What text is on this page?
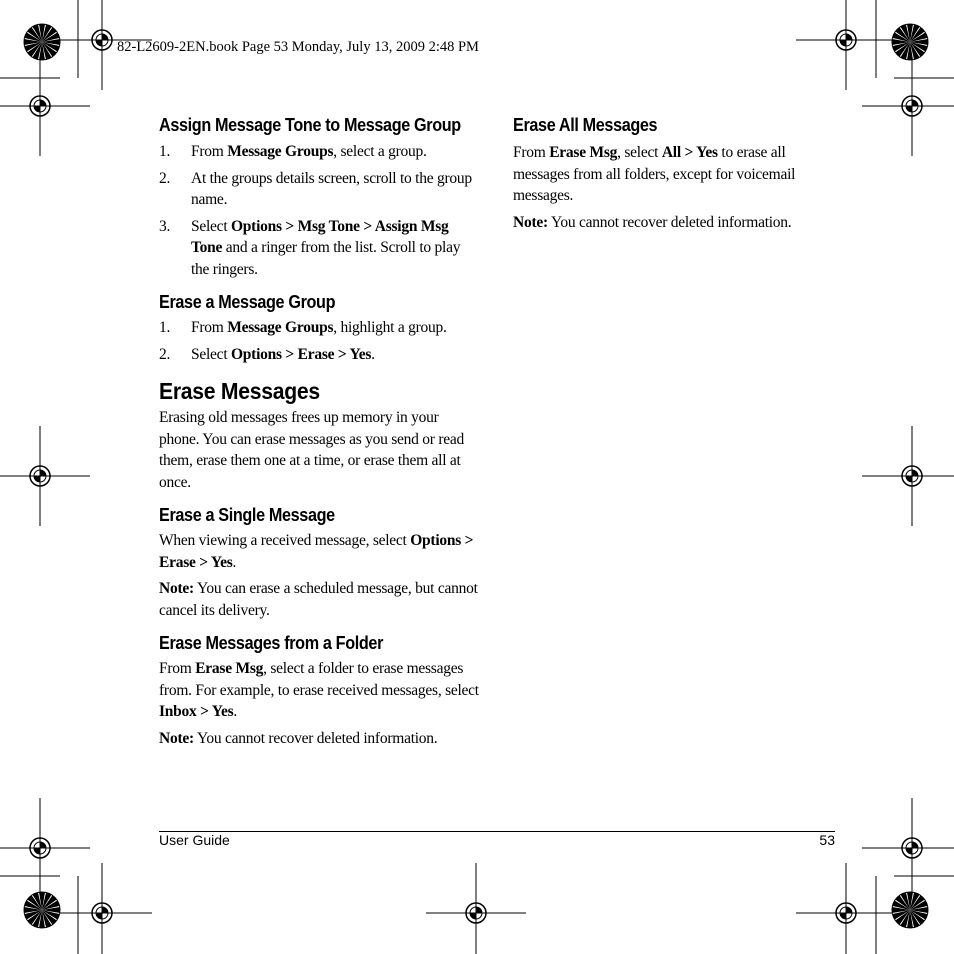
82-L2609-2EN.book Page 53 Monday, July 13, 2009 2:48 PM
Assign Message Tone to Message Group
1.	From Message Groups, select a group.
2.	At the groups details screen, scroll to the group name.
3.	Select Options > Msg Tone > Assign Msg Tone and a ringer from the list. Scroll to play the ringers.
Erase a Message Group
1.	From Message Groups, highlight a group.
2.	Select Options > Erase > Yes.
Erase Messages
Erasing old messages frees up memory in your phone. You can erase messages as you send or read them, erase them one at a time, or erase them all at once.
Erase a Single Message
When viewing a received message, select Options > Erase > Yes.
Note: You can erase a scheduled message, but cannot cancel its delivery.
Erase Messages from a Folder
From Erase Msg, select a folder to erase messages from. For example, to erase received messages, select Inbox > Yes.
Note: You cannot recover deleted information.
Erase All Messages
From Erase Msg, select All > Yes to erase all messages from all folders, except for voicemail messages.
Note: You cannot recover deleted information.
User Guide	53
